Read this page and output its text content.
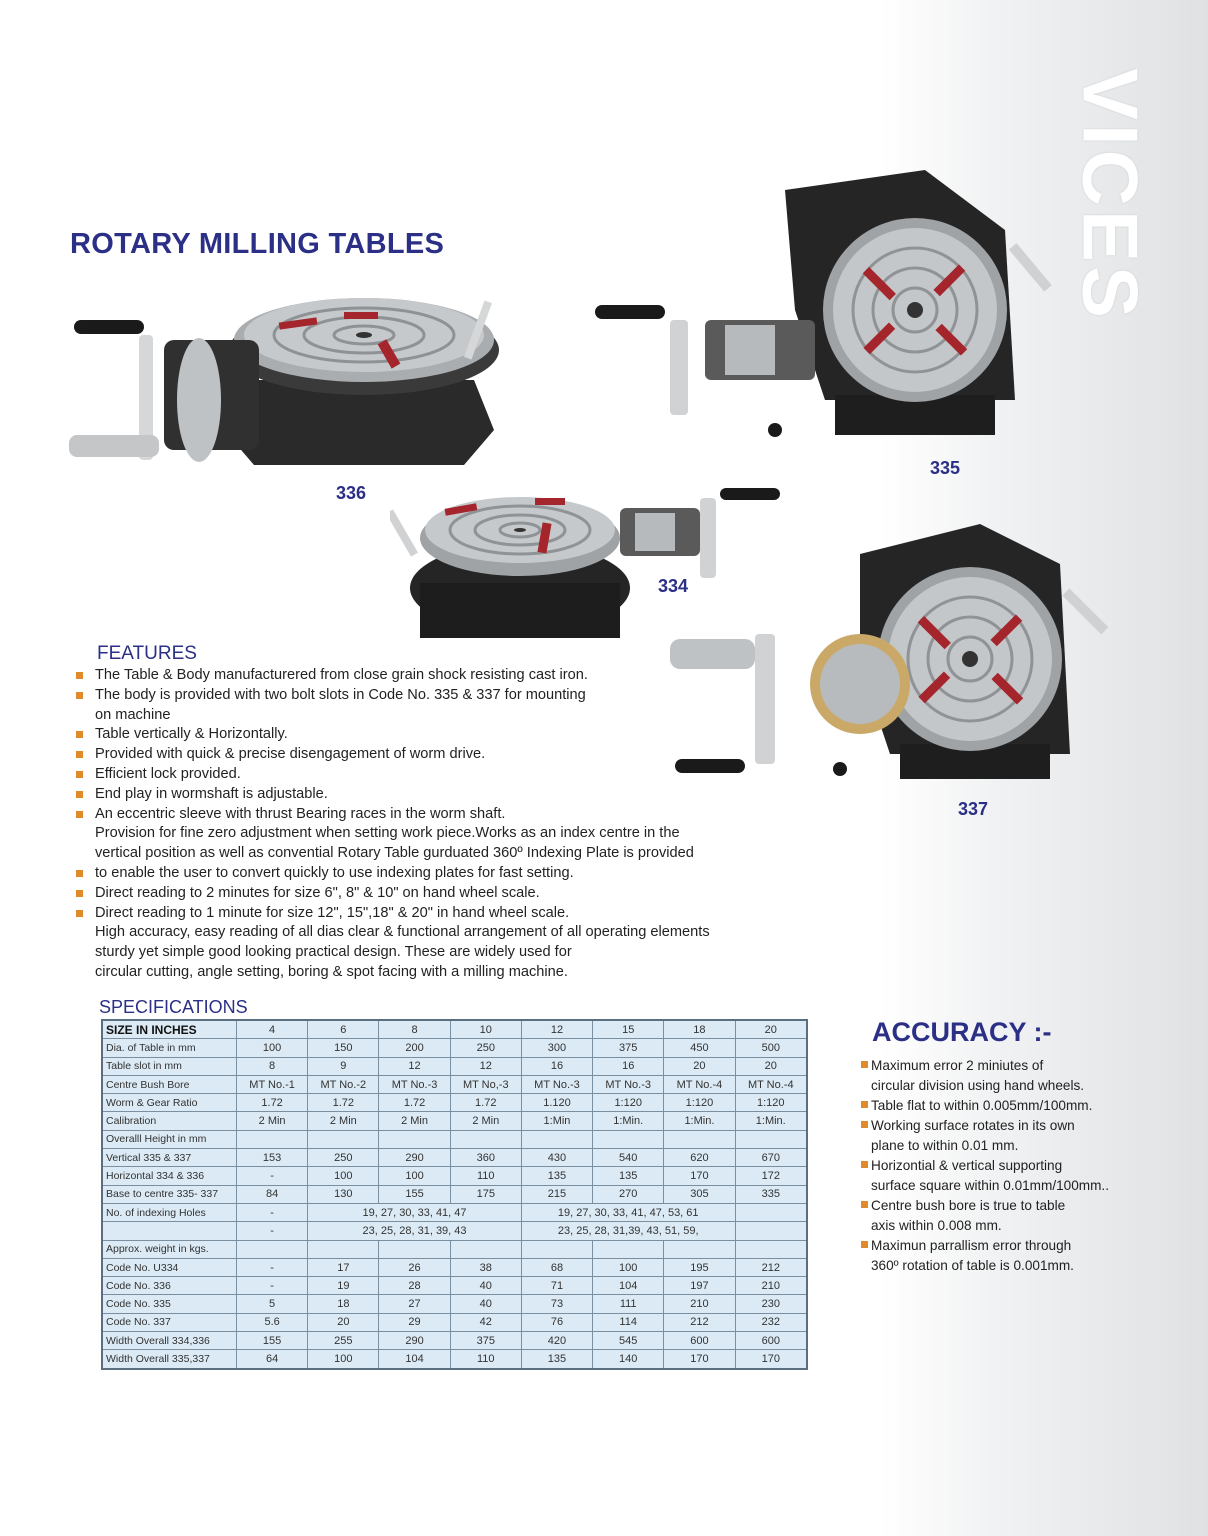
VICES
ROTARY MILLING TABLES
336
335
334
337
FEATURES
The Table & Body manufacturered from close grain shock resisting cast iron.
The body is provided with two bolt slots in Code No. 335 & 337 for mounting
on machine
Table vertically & Horizontally.
Provided with quick & precise disengagement of worm drive.
Efficient lock provided.
End play in wormshaft is adjustable.
An eccentric sleeve with thrust Bearing races in the worm shaft.
Provision for fine zero adjustment when setting work piece.Works as an index centre in the
vertical position as well as convential Rotary Table gurduated 360º Indexing Plate is provided
to enable the user to convert quickly to use indexing plates for fast setting.
Direct reading to 2 minutes for size 6", 8" & 10" on hand wheel scale.
Direct reading to 1 minute for size 12", 15",18" & 20" in hand wheel scale.
High accuracy, easy reading of all dias clear & functional arrangement of all operating elements
sturdy yet simple good looking practical design. These are widely used for
circular cutting, angle setting, boring & spot facing with a milling machine.
SPECIFICATIONS
SIZE IN INCHES	4	6	8	10	12	15	18	20
Dia. of Table in mm	100	150	200	250	300	375	450	500
Table slot in mm	8	9	12	12	16	16	20	20
Centre Bush Bore	MT No.-1	MT No.-2	MT No.-3	MT No,-3	MT No.-3	MT No.-3	MT No.-4	MT No.-4
Worm & Gear Ratio	1.72	1.72	1.72	1.72	1.120	1:120	1:120	1:120
Calibration	2 Min	2 Min	2 Min	2 Min	1:Min	1:Min.	1:Min.	1:Min.
Overalll Height in mm								
Vertical 335 & 337	153	250	290	360	430	540	620	670
Horizontal 334 & 336	-	100	100	110	135	135	170	172
Base to centre 335- 337	84	130	155	175	215	270	305	335
No. of indexing Holes	-	19, 27, 30, 33, 41, 47			19, 27, 30, 33, 41, 47, 53, 61			
	-	23, 25, 28, 31, 39, 43			23, 25, 28, 31,39, 43, 51, 59,			
Approx. weight in kgs.								
Code No. U334	-	17	26	38	68	100	195	212
Code No. 336	-	19	28	40	71	104	197	210
Code No. 335	5	18	27	40	73	111	210	230
Code No. 337	5.6	20	29	42	76	114	212	232
Width Overall 334,336	155	255	290	375	420	545	600	600
Width Overall 335,337	64	100	104	110	135	140	170	170
ACCURACY :-
Maximum error 2 miniutes of
circular division using hand wheels.
Table flat to within 0.005mm/100mm.
Working surface rotates in its own
plane to within 0.01 mm.
Horizontial & vertical supporting
surface square within 0.01mm/100mm..
Centre bush bore is true to table
axis within 0.008 mm.
Maximun parrallism error through
360º rotation of table is 0.001mm.
